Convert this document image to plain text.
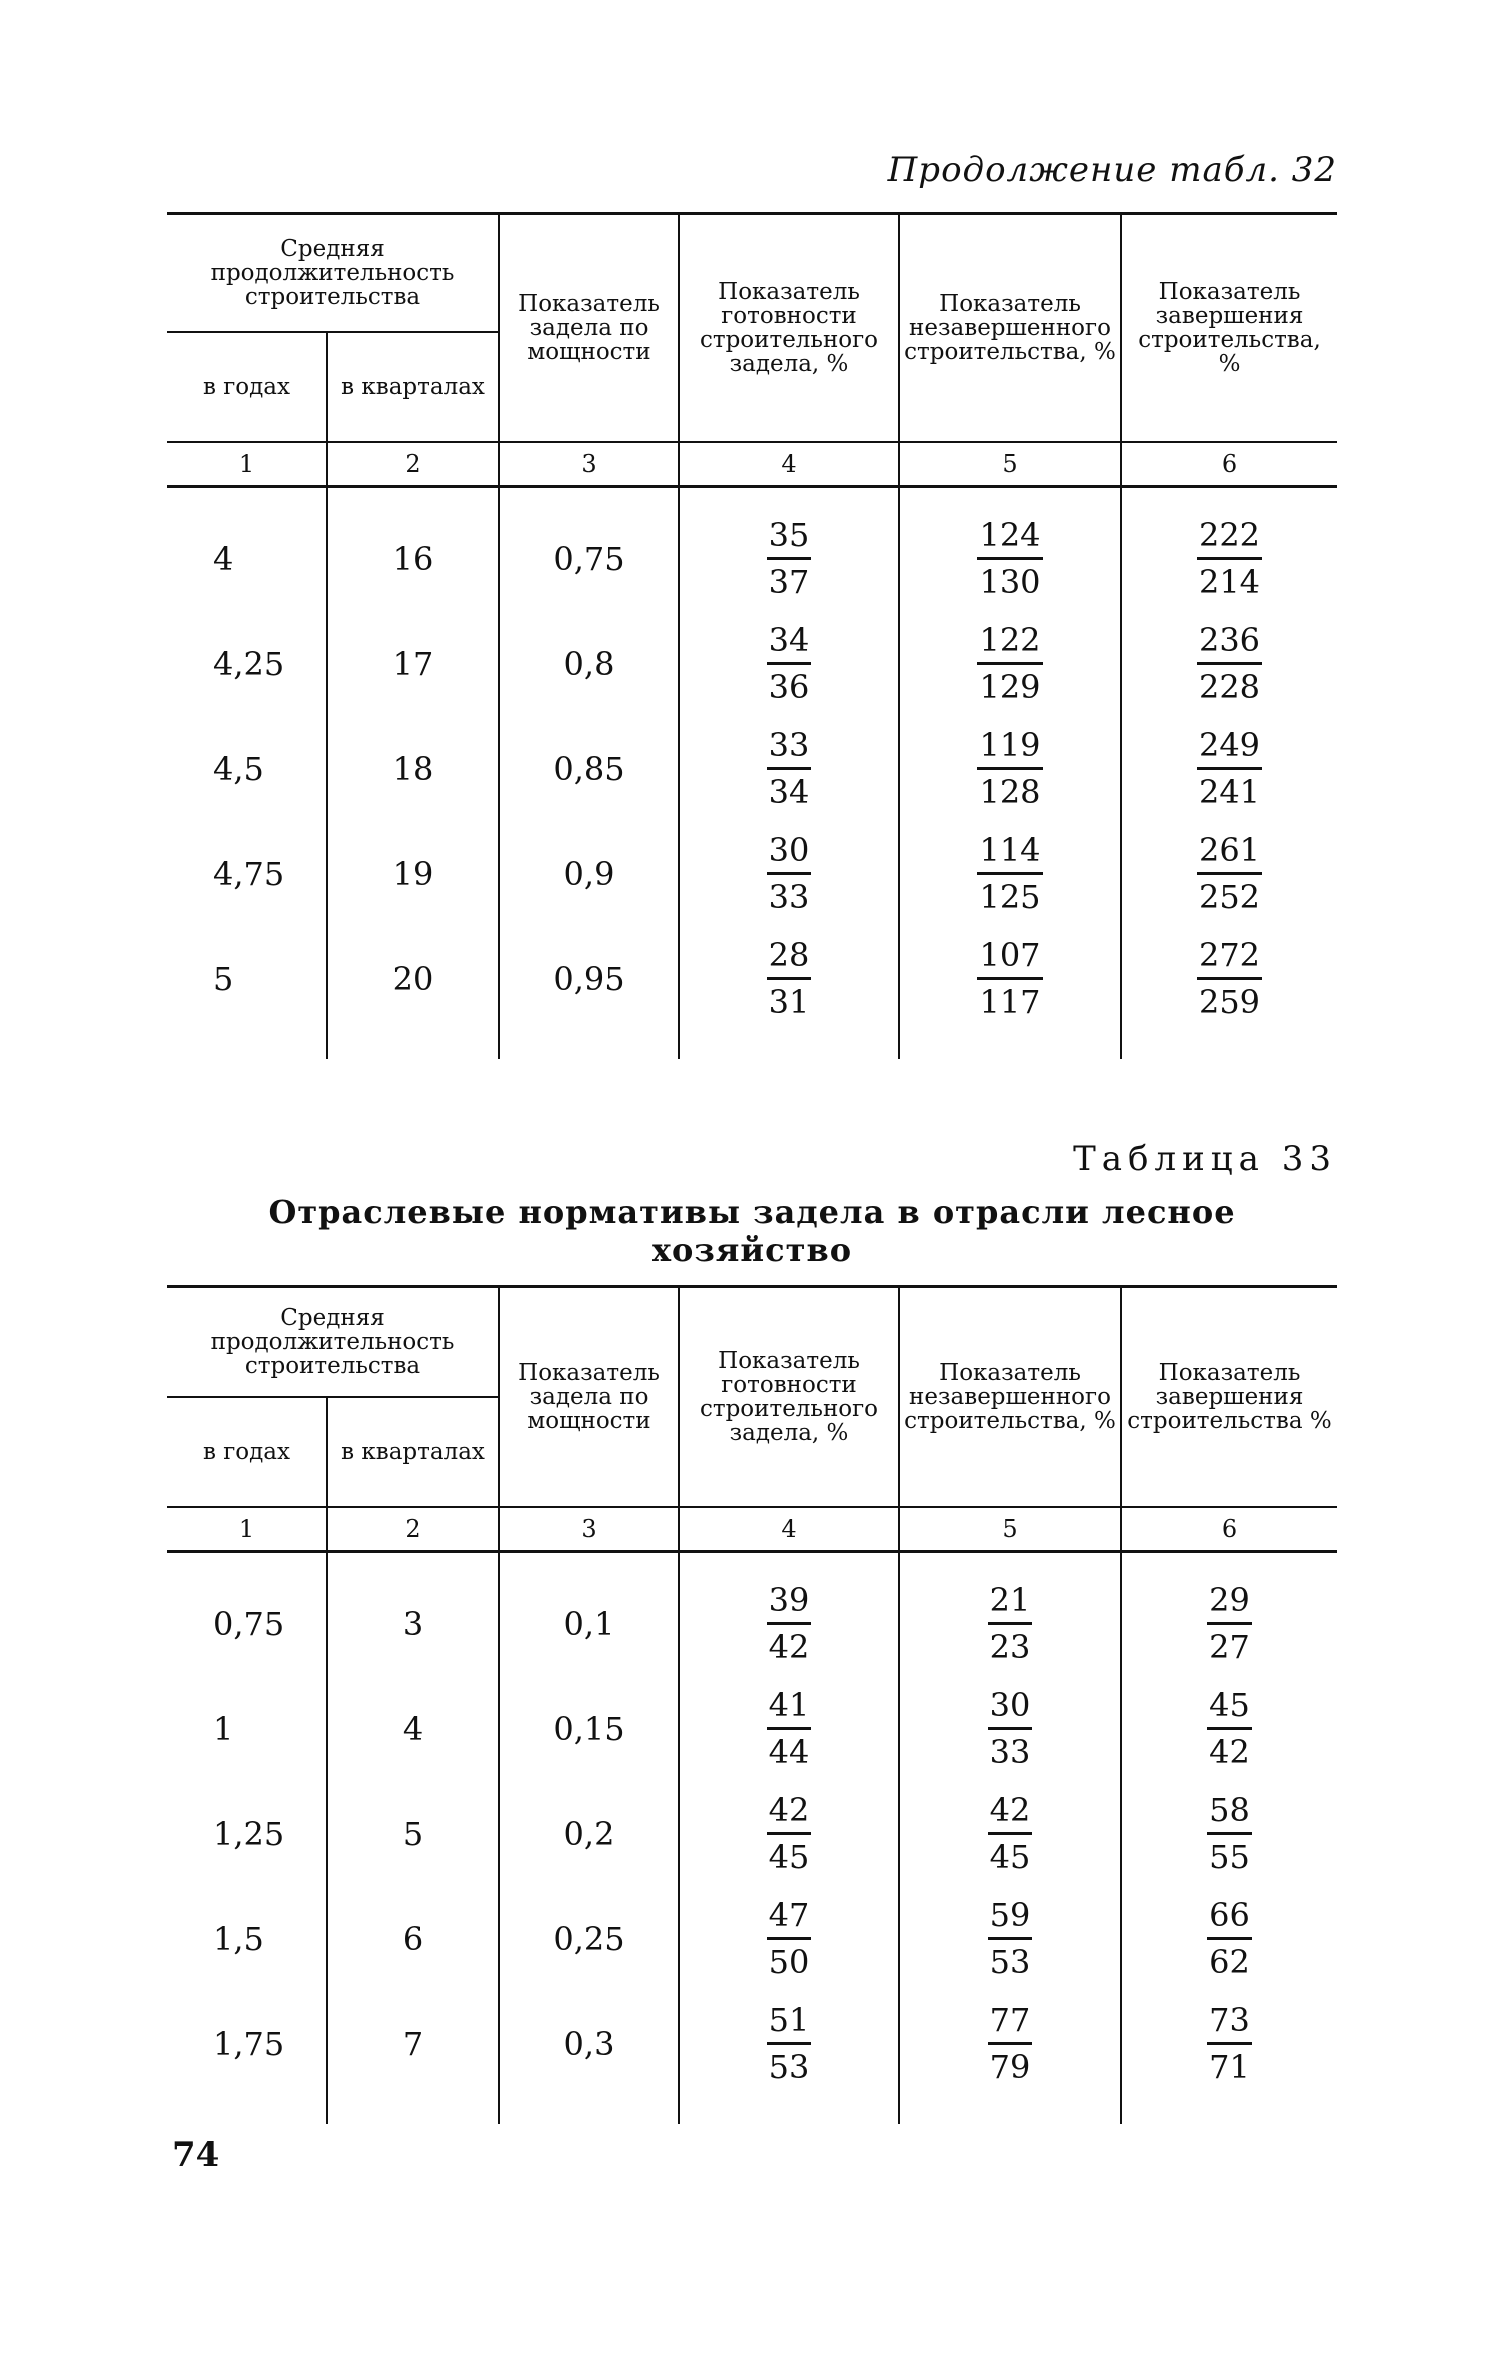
Продолжение табл. 32
Средняя продолжительность строительства		Показатель задела по мощности	Показатель готовности строительного задела, %	Показатель незавершенного строительства, %	Показатель завершения строительства, %
в годах	в кварталах				
1	2	3	4	5	6
4	16	0,75	$\frac{35}{37}$	$\frac{124}{130}$	$\frac{222}{214}$

4,25	17	0,8	$\frac{34}{36}$	$\frac{122}{129}$	$\frac{236}{228}$

4,5	18	0,85	$\frac{33}{34}$	$\frac{119}{128}$	$\frac{249}{241}$

4,75	19	0,9	$\frac{30}{33}$	$\frac{114}{125}$	$\frac{261}{252}$

5	20	0,95	$\frac{28}{31}$	$\frac{107}{117}$	$\frac{272}{259}$
Таблица 33
Отраслевые нормативы задела в отрасли лесное хозяйство
Средняя продолжительность строительства		Показатель задела по мощности	Показатель готовности строительного задела, %	Показатель незавершенного строительства, %	Показатель завершения строительства %
в годах	в кварталах				
1	2	3	4	5	6
0,75	3	0,1	$\frac{39}{42}$	$\frac{21}{23}$	$\frac{29}{27}$

1	4	0,15	$\frac{41}{44}$	$\frac{30}{33}$	$\frac{45}{42}$

1,25	5	0,2	$\frac{42}{45}$	$\frac{42}{45}$	$\frac{58}{55}$

1,5	6	0,25	$\frac{47}{50}$	$\frac{59}{53}$	$\frac{66}{62}$

1,75	7	0,3	$\frac{51}{53}$	$\frac{77}{79}$	$\frac{73}{71}$
74
